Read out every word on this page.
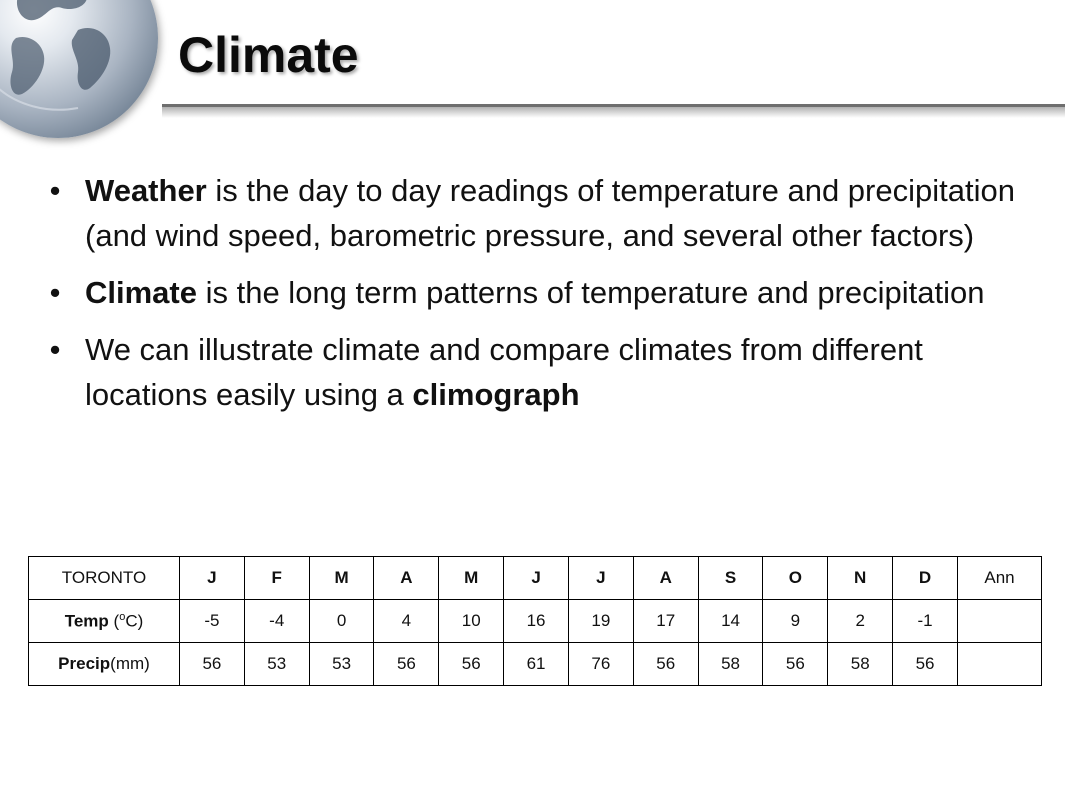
Climate
• Weather is the day to day readings of temperature and precipitation (and wind speed, barometric pressure, and several other factors)
• Climate is the long term patterns of temperature and precipitation
• We can illustrate climate and compare climates from different locations easily using a climograph
TORONTO	J	F	M	A	M	J	J	A	S	O	N	D	Ann
Temp ($^o$C)	-5	-4	0	4	10	16	19	17	14	9	2	-1	
Precip(mm)	56	53	53	56	56	61	76	56	58	56	58	56	
